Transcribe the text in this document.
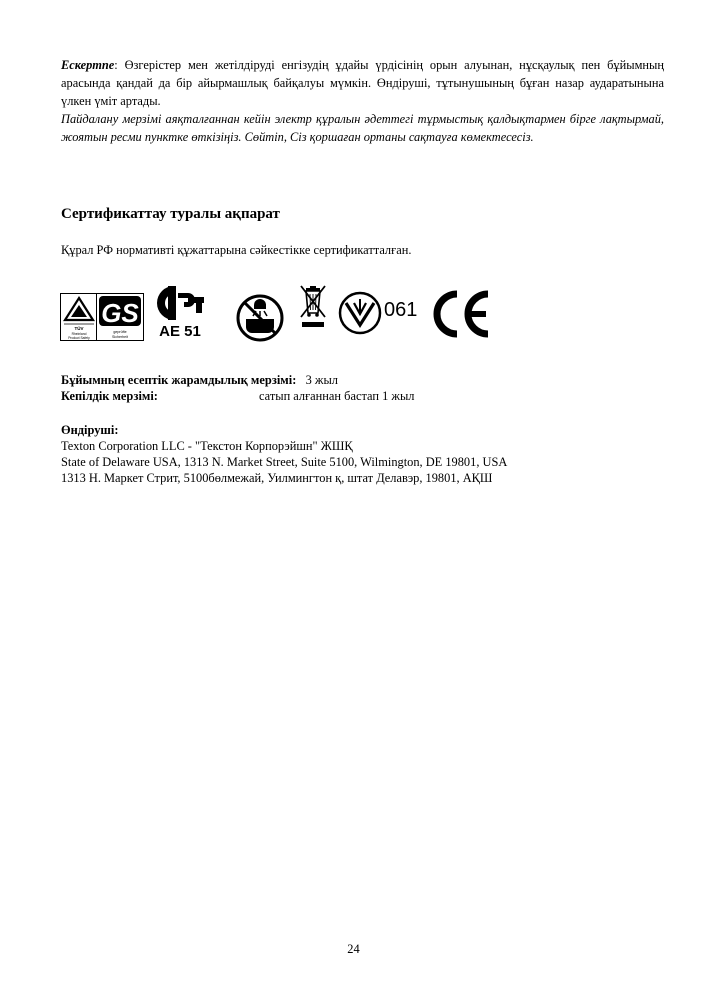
Ескертпе: Өзгерістер мен жетілдіруді енгізудің ұдайы үрдісінің орын алуынан, нұсқаулық пен бұйымның арасында қандай да бір айырмашлық байқалуы мүмкін. Өндіруші, тұтынушының бұған назар аударатынына үлкен үміт артады.
Пайдалану мерзімі аяқталғаннан кейін электр құралын әдеттегі тұрмыстық қалдықтармен бірге лақтырмай, жоятын ресми пунктке өткізіңіз. Сөйтіп, Сіз қоршаған ортаны сақтауға көмектесесіз.
Сертификаттау туралы ақпарат
Құрал РФ нормативті құжаттарына сәйкестікке сертификатталған.
TÜV
Rheinland
Product Safety
GS
geprüfte
Sicherheit AE 51
061
Бұйымның есептік жарамдылық мерзімі: 3 жыл
Кепілдік мерзімі:	сатып алғаннан бастап 1 жыл
Өндіруші:
Texton Corporation LLC - "Текстон Корпорэйшн" ЖШҚ
State of Delaware USA, 1313 N. Market Street, Suite 5100, Wilmington, DE 19801, USA
1313 Н. Маркет Стрит, 5100бөлмежай, Уилмингтон қ, штат Делавэр, 19801, АҚШ
24
